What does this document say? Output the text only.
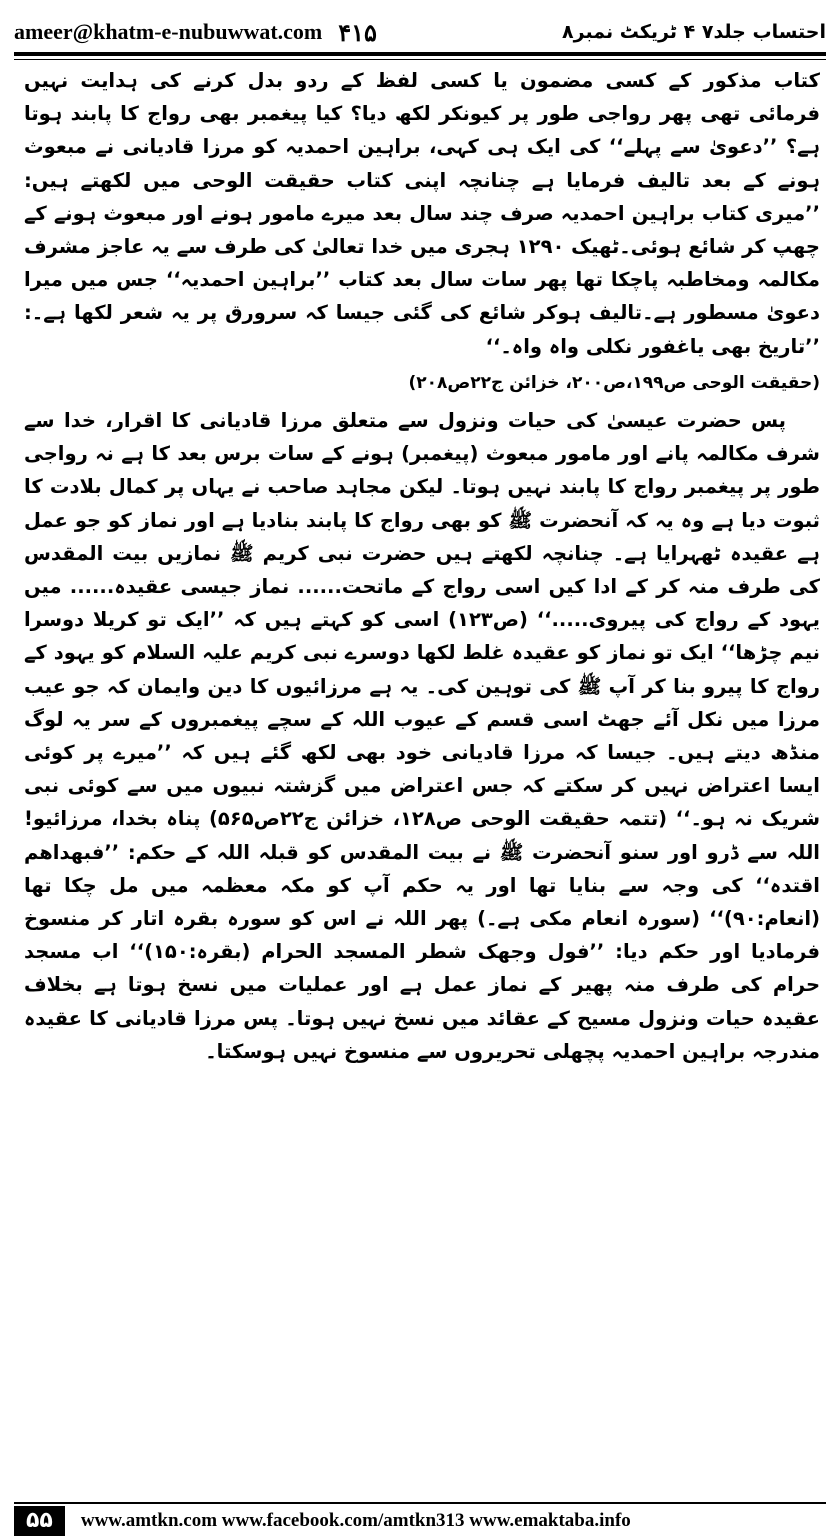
ameer@khatm-e-nubuwwat.com ۴۱۵	احتساب جلد۷ ۴ ٹریکٹ نمبر۸

کتاب مذکور کے کسی مضمون یا کسی لفظ کے ردو بدل کرنے کی ہدایت نہیں فرمائی تھی پھر رواجی طور پر کیونکر لکھ دیا؟ کیا پیغمبر بھی رواج کا پابند ہوتا ہے؟ ’’دعویٰ سے پہلے‘‘ کی ایک ہی کہی، براہین احمدیہ کو مرزا قادیانی نے مبعوث ہونے کے بعد تالیف فرمایا ہے چنانچہ اپنی کتاب حقیقت الوحی میں لکھتے ہیں: ’’میری کتاب براہین احمدیہ صرف چند سال بعد میرے مامور ہونے اور مبعوث ہونے کے چھپ کر شائع ہوئی۔ٹھیک ۱۲۹۰ ہجری میں خدا تعالیٰ کی طرف سے یہ عاجز مشرف مکالمہ ومخاطبہ پاچکا تھا پھر سات سال بعد کتاب ’’براہین احمدیہ‘‘ جس میں میرا دعویٰ مسطور ہے۔تالیف ہوکر شائع کی گئی جیسا کہ سرورق پر یہ شعر لکھا ہے۔: ’’تاریخ بھی یاغفور نکلی واہ واہ۔‘‘

(حقیقت الوحی ص۱۹۹،ص۲۰۰، خزائن ج۲۲ص۲۰۸)

پس حضرت عیسیٰ کی حیات ونزول سے متعلق مرزا قادیانی کا اقرار، خدا سے شرف مکالمہ پانے اور مامور مبعوث (پیغمبر) ہونے کے سات برس بعد کا ہے نہ رواجی طور پر پیغمبر رواج کا پابند نہیں ہوتا۔ لیکن مجاہد صاحب نے یہاں پر کمال بلادت کا ثبوت دیا ہے وہ یہ کہ آنحضرت ﷺ کو بھی رواج کا پابند بنادیا ہے اور نماز کو جو عمل ہے عقیدہ ٹھہرایا ہے۔ چنانچہ لکھتے ہیں حضرت نبی کریم ﷺ نمازیں بیت المقدس کی طرف منہ کر کے ادا کیں اسی رواج کے ماتحت...... نماز جیسی عقیدہ...... میں یہود کے رواج کی پیروی.....‘‘ (ص۱۲۳) اسی کو کہتے ہیں کہ ’’ایک تو کریلا دوسرا نیم چڑھا‘‘ ایک تو نماز کو عقیدہ غلط لکھا دوسرے نبی کریم علیہ السلام کو یہود کے رواج کا پیرو بنا کر آپ ﷺ کی توہین کی۔ یہ ہے مرزائیوں کا دین وایمان کہ جو عیب مرزا میں نکل آئے جھٹ اسی قسم کے عیوب اللہ کے سچے پیغمبروں کے سر یہ لوگ منڈھ دیتے ہیں۔ جیسا کہ مرزا قادیانی خود بھی لکھ گئے ہیں کہ ’’میرے پر کوئی ایسا اعتراض نہیں کر سکتے کہ جس اعتراض میں گزشتہ نبیوں میں سے کوئی نبی شریک نہ ہو۔‘‘ (تتمہ حقیقت الوحی ص۱۲۸، خزائن ج۲۲ص۵۶۵) پناہ بخدا، مرزائیو! اللہ سے ڈرو اور سنو آنحضرت ﷺ نے بیت المقدس کو قبلہ اللہ کے حکم: ’’فبھداھم اقتدہ‘‘ کی وجہ سے بنایا تھا اور یہ حکم آپ کو مکہ معظمہ میں مل چکا تھا (انعام:۹۰)‘‘ (سورہ انعام مکی ہے۔) پھر اللہ نے اس کو سورہ بقرہ اتار کر منسوخ فرمادیا اور حکم دیا: ’’فول وجھک شطر المسجد الحرام (بقرہ:۱۵۰)‘‘ اب مسجد حرام کی طرف منہ پھیر کے نماز عمل ہے اور عملیات میں نسخ ہوتا ہے بخلاف عقیدہ حیات ونزول مسیح کے عقائد میں نسخ نہیں ہوتا۔ پس مرزا قادیانی کا عقیدہ مندرجہ براہین احمدیہ پچھلی تحریروں سے منسوخ نہیں ہوسکتا۔

۵۵	www.amtkn.com www.facebook.com/amtkn313 www.emaktaba.info
